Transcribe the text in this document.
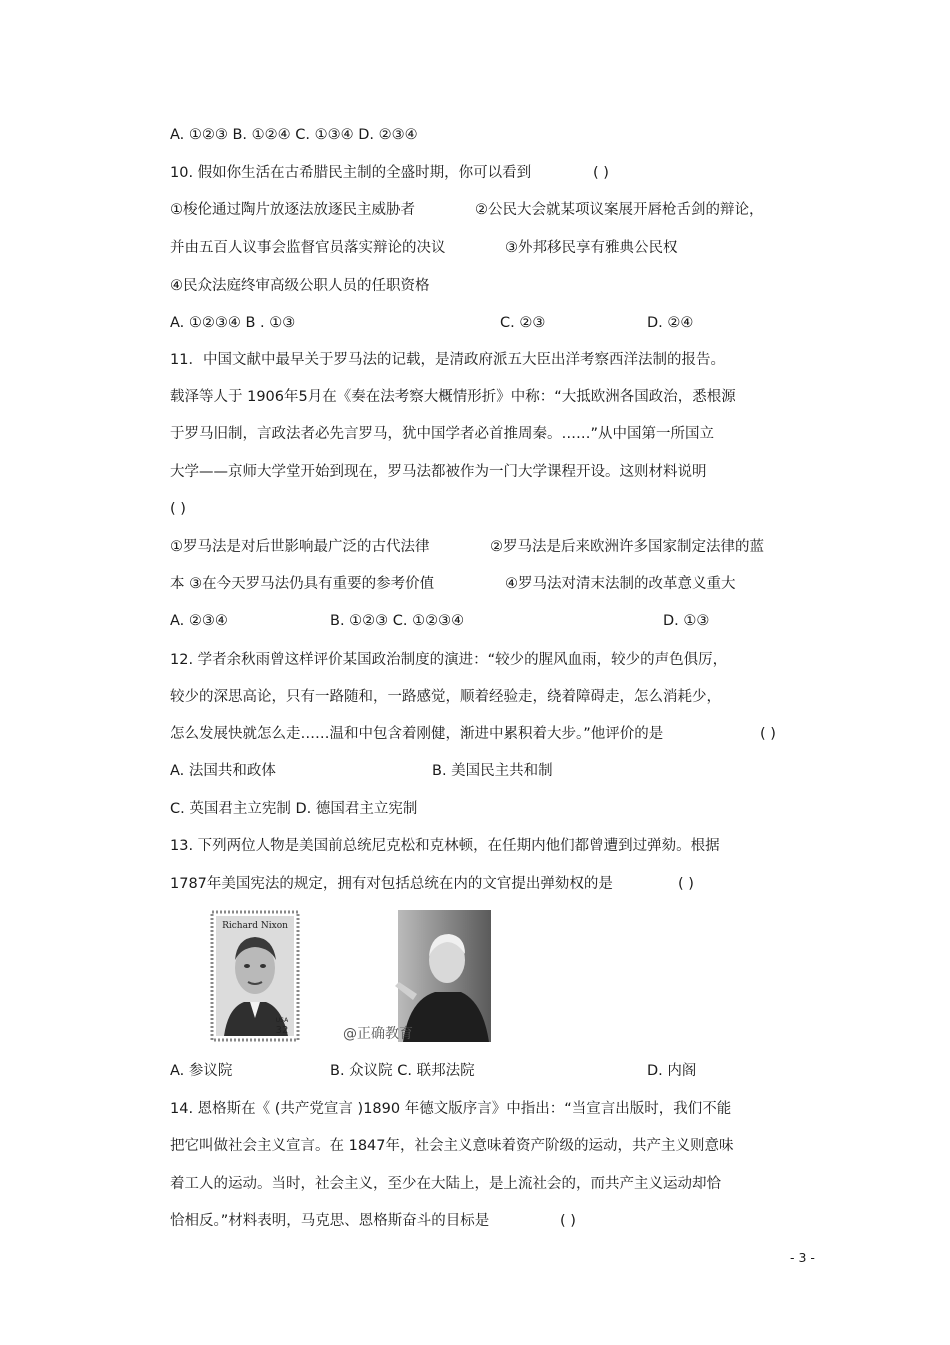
A. ①②③ B. ①②④ C. ①③④ D. ②③④
10. 假如你生活在古希腊民主制的全盛时期，你可以看到	( )
①梭伦通过陶片放逐法放逐民主威胁者	②公民大会就某项议案展开唇枪舌剑的辩论，
并由五百人议事会监督官员落实辩论的决议	③外邦移民享有雅典公民权
④民众法庭终审高级公职人员的任职资格
A. ①②③④ B . ①③	C. ②③	D. ②④
11．中国文献中最早关于罗马法的记载，是清政府派五大臣出洋考察西洋法制的报告。
载泽等人于 1906年5月在《奏在法考察大概情形折》中称：“大抵欧洲各国政治，悉根源
于罗马旧制，言政法者必先言罗马，犹中国学者必首推周秦。……”从中国第一所国立
大学——京师大学堂开始到现在，罗马法都被作为一门大学课程开设。这则材料说明
( )
①罗马法是对后世影响最广泛的古代法律	②罗马法是后来欧洲许多国家制定法律的蓝
本 ③在今天罗马法仍具有重要的参考价值	④罗马法对清末法制的改革意义重大
A. ②③④	B. ①②③ C. ①②③④	D. ①③
12. 学者余秋雨曾这样评价某国政治制度的演进：“较少的腥风血雨，较少的声色俱厉，
较少的深思高论，只有一路随和，一路感觉，顺着经验走，绕着障碍走，怎么消耗少，
怎么发展快就怎么走……温和中包含着刚健，渐进中累积着大步。”他评价的是	( )
A. 法国共和政体	B. 美国民主共和制
C. 英国君主立宪制 D. 德国君主立宪制
13. 下列两位人物是美国前总统尼克松和克林顿，在任期内他们都曾遭到过弹劾。根据
1787年美国宪法的规定，拥有对包括总统在内的文官提出弹劾权的是	( )
Richard Nixon
USA
32	@正确教育
A. 参议院	B. 众议院 C. 联邦法院	D. 内阁
14. 恩格斯在《 (共产党宣言 )1890 年德文版序言》中指出：“当宣言出版时，我们不能
把它叫做社会主义宣言。在 1847年，社会主义意味着资产阶级的运动，共产主义则意味
着工人的运动。当时，社会主义，至少在大陆上，是上流社会的，而共产主义运动却恰
恰相反。”材料表明，马克思、恩格斯奋斗的目标是	( )
- 3 -
